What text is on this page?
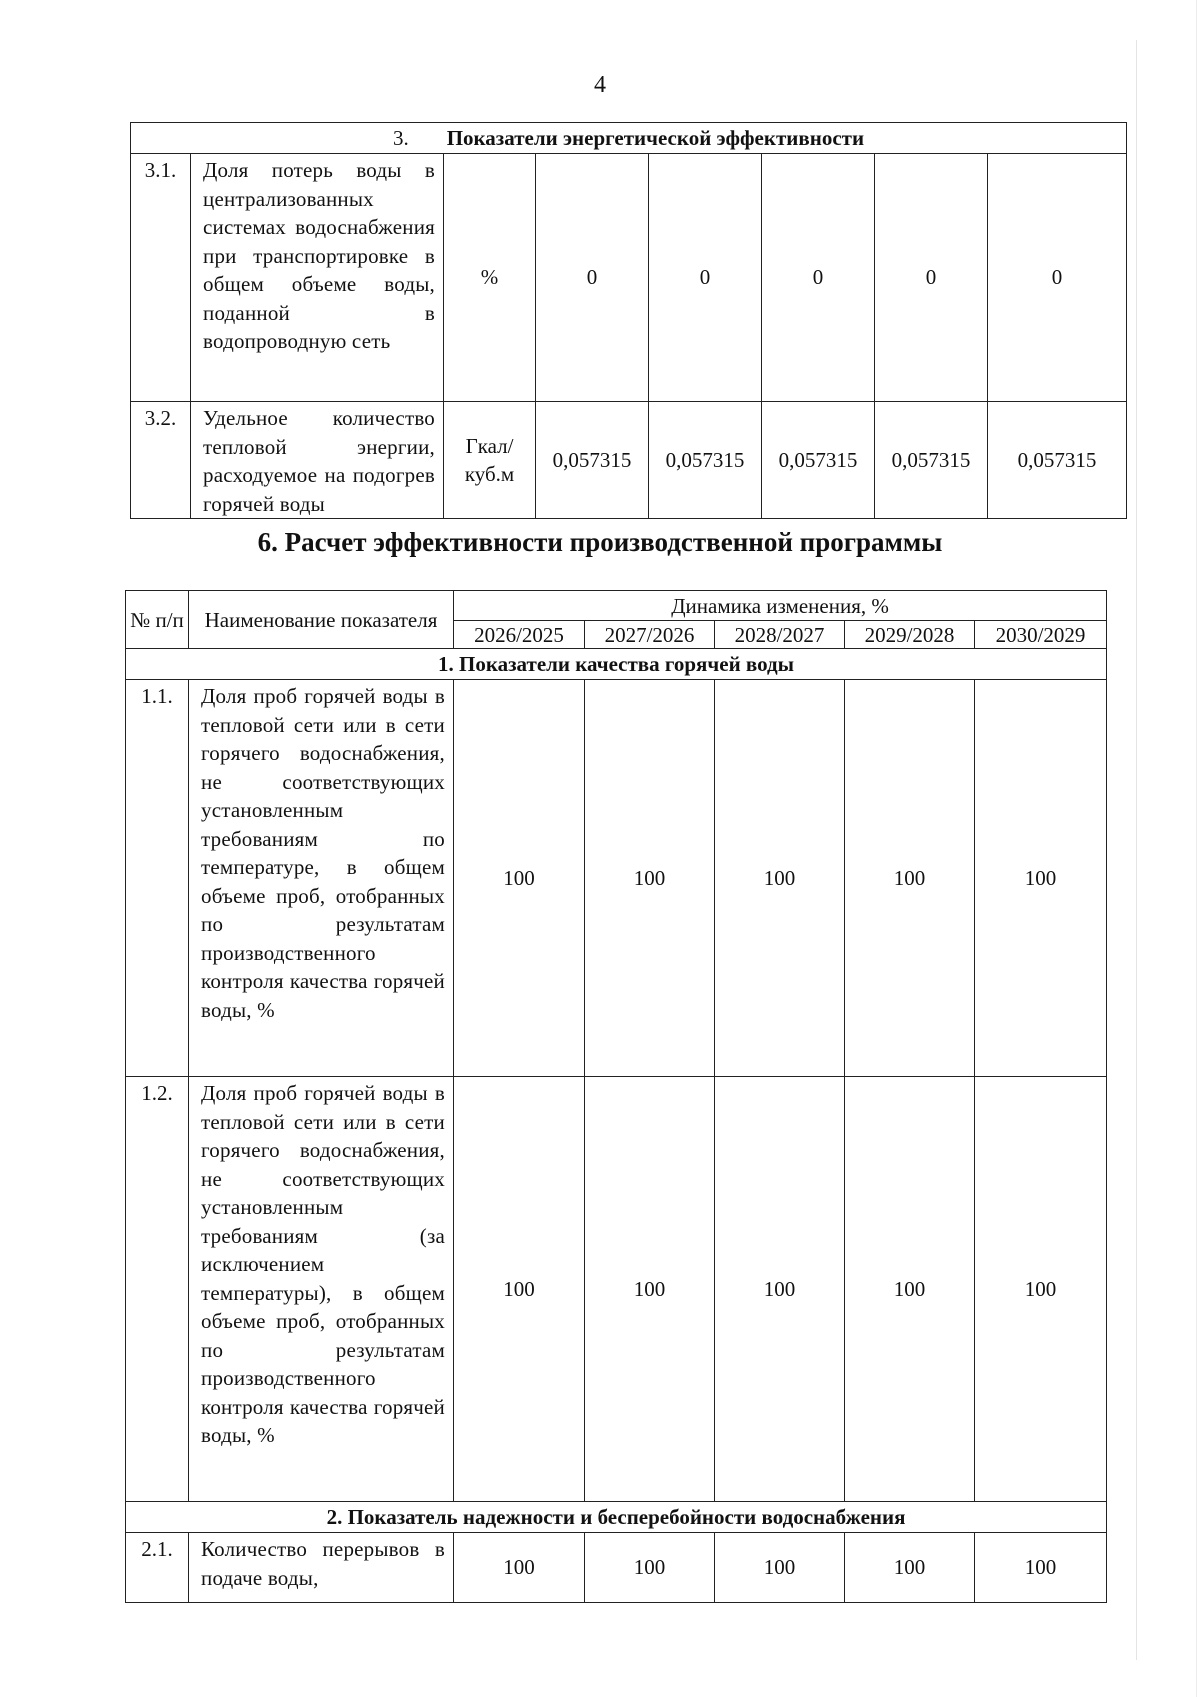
4
3. Показатели энергетической эффективности							
3.1.	Доля потерь воды в централизованных системах водоснабжения при транспортировке в общем объеме воды, поданной в водопроводную сеть	%	0	0	0	0	0
3.2.	Удельное количество тепловой энергии, расходуемое на подогрев горячей воды	Гкал/ куб.м	0,057315	0,057315	0,057315	0,057315	0,057315
6. Расчет эффективности производственной программы
№ п/п	Наименование показателя	Динамика изменения, %				
		2026/2025	2027/2026	2028/2027	2029/2028	2030/2029
1. Показатели качества горячей воды						
1.1.	Доля проб горячей воды в тепловой сети или в сети горячего водоснабжения, не соответствующих установленным требованиям по температуре, в общем объеме проб, отобранных по результатам производственного контроля качества горячей воды, %	100	100	100	100	100
1.2.	Доля проб горячей воды в тепловой сети или в сети горячего водоснабжения, не соответствующих установленным требованиям (за исключением температуры), в общем объеме проб, отобранных по результатам производственного контроля качества горячей воды, %	100	100	100	100	100
2. Показатель надежности и бесперебойности водоснабжения						
2.1.	Количество перерывов в подаче воды,	100	100	100	100	100
